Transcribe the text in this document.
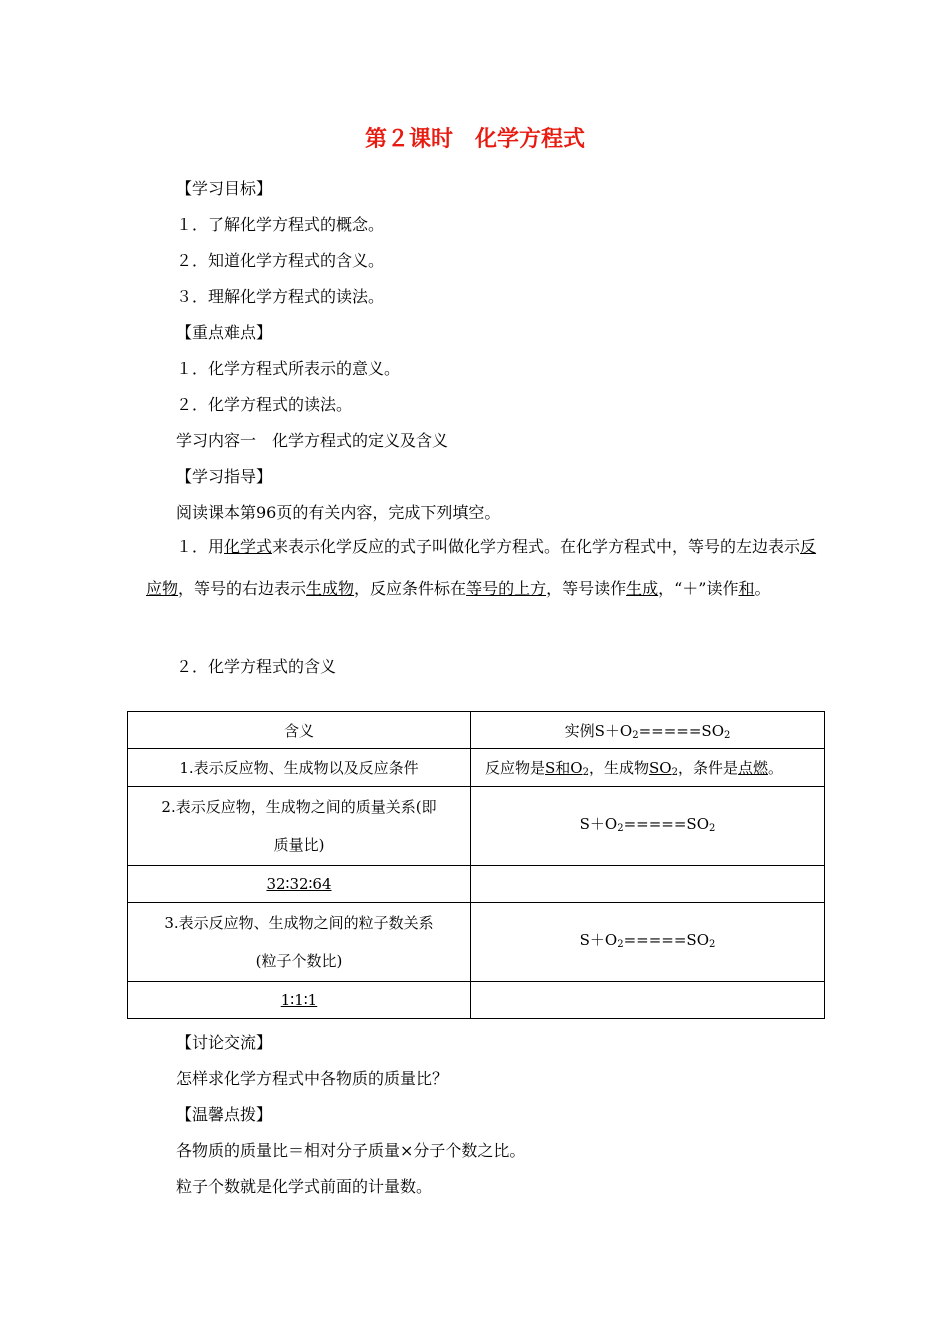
第２课时　化学方程式
【学习目标】
１．了解化学方程式的概念。
２．知道化学方程式的含义。
３．理解化学方程式的读法。
【重点难点】
１．化学方程式所表示的意义。
２．化学方程式的读法。
学习内容一　化学方程式的定义及含义
【学习指导】
阅读课本第96页的有关内容，完成下列填空。
１．用化学式来表示化学反应的式子叫做化学方程式。在化学方程式中，等号的左边表示反应物，等号的右边表示生成物，反应条件标在等号的上方，等号读作生成，“＋”读作和。
２．化学方程式的含义
含义	实例$S+O_2=====SO_2$
1.表示反应物、生成物以及反应条件	反应物是S和$O_2$，生成物$SO_2$，条件是点燃。
2.表示反应物，生成物之间的质量关系(即
质量比)	$S+O_2=====SO_2$
32∶32∶64	
3.表示反应物、生成物之间的粒子数关系
(粒子个数比)	$S+O_2=====SO_2$
1∶1∶1	
【讨论交流】
怎样求化学方程式中各物质的质量比？
【温馨点拨】
各物质的质量比＝相对分子质量×分子个数之比。
粒子个数就是化学式前面的计量数。
